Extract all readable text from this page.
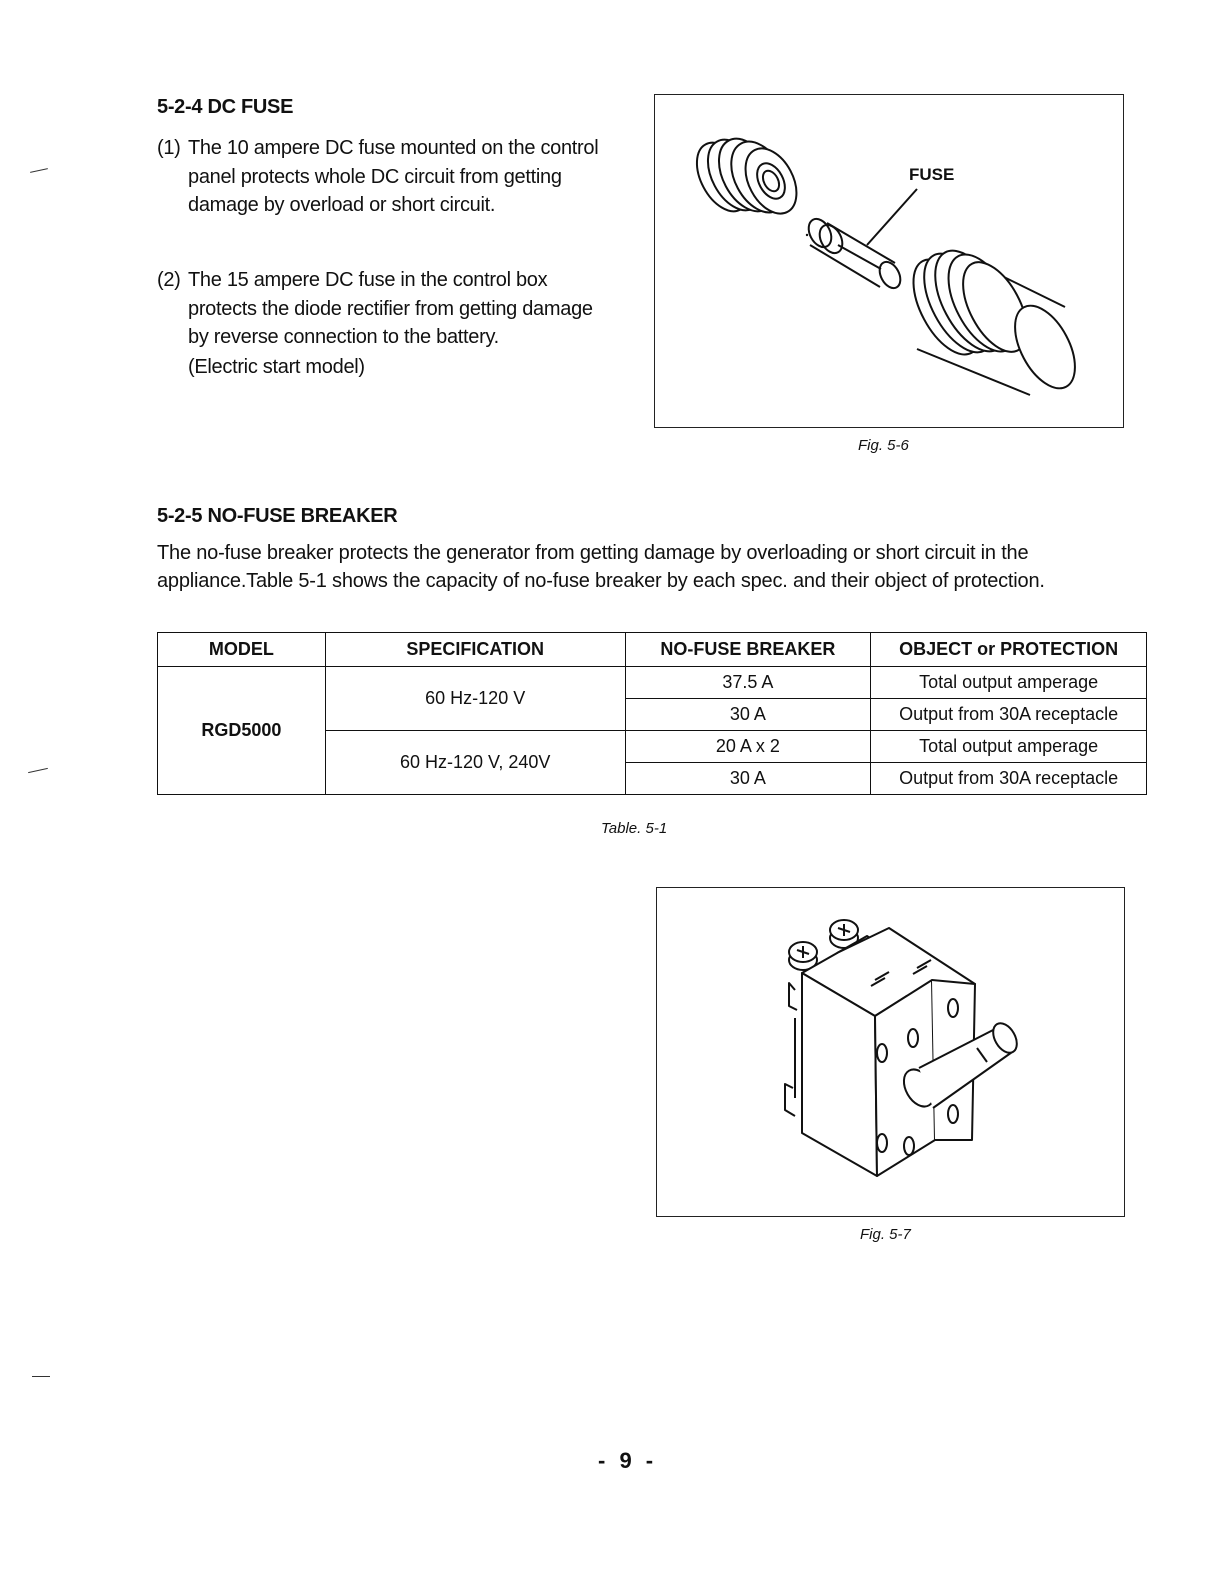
5-2-4 DC FUSE
(1) The 10 ampere DC fuse mounted on the control panel protects whole DC circuit from getting damage by overload or short circuit.
(2) The 15 ampere DC fuse in the control box protects the diode rectifier from getting damage by reverse connection to the battery.
(Electric start model)
FUSE
Fig. 5-6
5-2-5 NO-FUSE BREAKER
The no-fuse breaker protects the generator from getting damage by overloading or short circuit in the appliance.Table 5-1 shows the capacity of no-fuse breaker by each spec. and their object of protection.
MODEL	SPECIFICATION	NO-FUSE BREAKER	OBJECT or PROTECTION
RGD5000	60 Hz-120 V	37.5 A	Total output amperage
		30 A	Output from 30A receptacle
	60 Hz-120 V, 240V	20 A x 2	Total output amperage
		30 A	Output from 30A receptacle
Table. 5-1
Fig. 5-7
- 9 -
